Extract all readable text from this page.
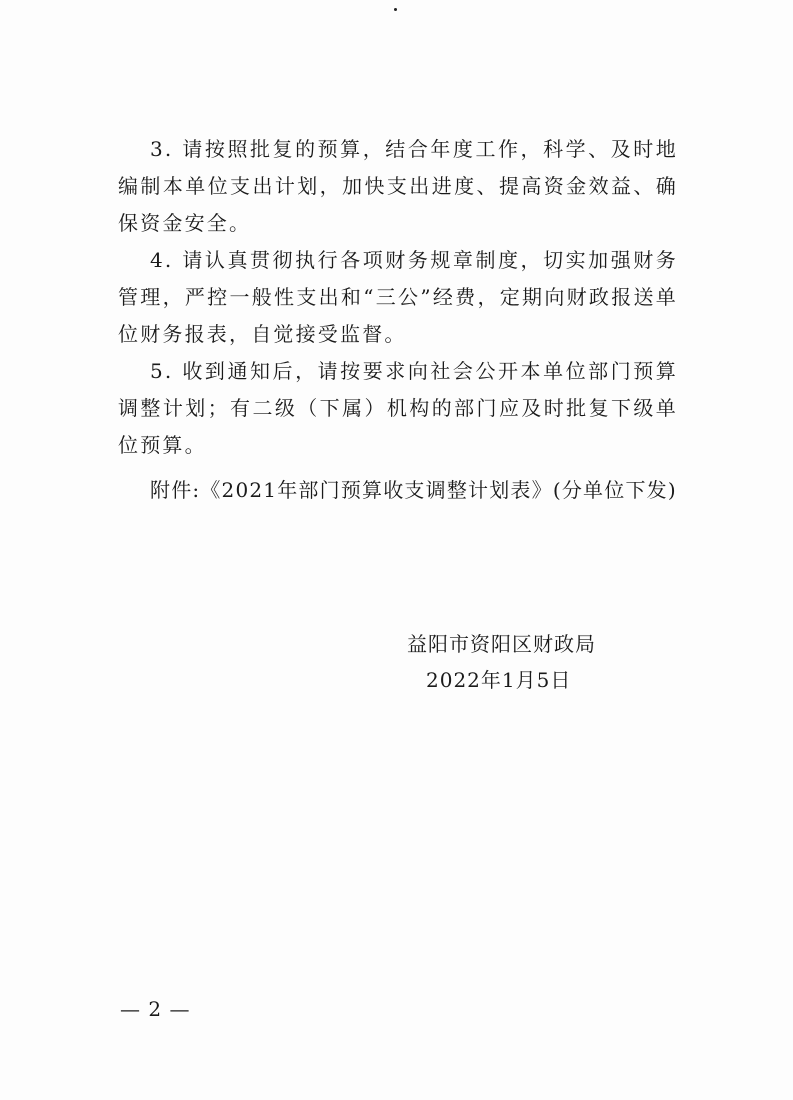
3. 请按照批复的预算，结合年度工作，科学、及时地编制本单位支出计划，加快支出进度、提高资金效益、确保资金安全。

4. 请认真贯彻执行各项财务规章制度，切实加强财务管理，严控一般性支出和“三公”经费，定期向财政报送单位财务报表，自觉接受监督。

5. 收到通知后，请按要求向社会公开本单位部门预算调整计划；有二级（下属）机构的部门应及时批复下级单位预算。

附件:《2021年部门预算收支调整计划表》(分单位下发)
益阳市资阳区财政局
2022年1月5日
— 2 —
